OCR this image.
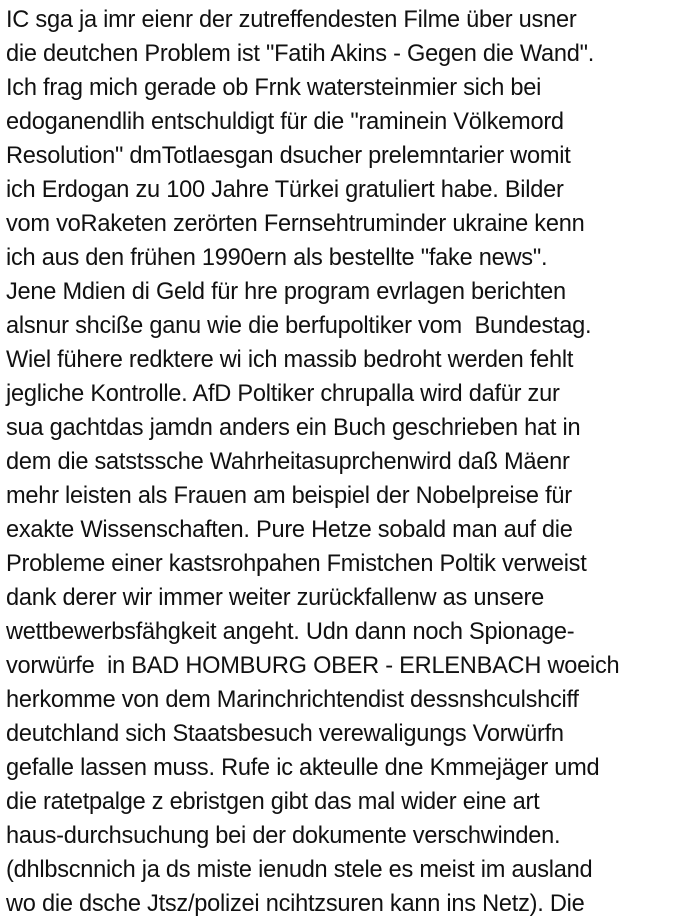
IC sga ja imr eienr der zutreffendesten Filme über usner
die deutchen Problem ist "Fatih Akins - Gegen die Wand".
Ich frag mich gerade ob Frnk watersteinmier sich bei
edoganendlih entschuldigt für die "raminein Völkemord
Resolution" dmTotlaesgan dsucher prelemntarier womit
ich Erdogan zu 100 Jahre Türkei gratuliert habe. Bilder
vom voRaketen zerörten Fernsehtruminder ukraine kenn
ich aus den frühen 1990ern als bestellte "fake news".
Jene Mdien di Geld für hre program evrlagen berichten
alsnur shciße ganu wie die berfupoltiker vom  Bundestag.
Wiel fühere redktere wi ich massib bedroht werden fehlt
jegliche Kontrolle. AfD Poltiker chrupalla wird dafür zur
sua gachtdas jamdn anders ein Buch geschrieben hat in
dem die satstssche Wahrheitasuprchenwird daß Mäenr
mehr leisten als Frauen am beispiel der Nobelpreise für
exakte Wissenschaften. Pure Hetze sobald man auf die
Probleme einer kastsrohpahen Fmistchen Poltik verweist
dank derer wir immer weiter zurückfallenw as unsere
wettbewerbsfähgkeit angeht. Udn dann noch Spionage-
vorwürfe  in BAD HOMBURG OBER - ERLENBACH woeich
herkomme von dem Marinchrichtendist dessnshculshciff
deutchland sich Staatsbesuch verewaligungs Vorwürfn
gefalle lassen muss. Rufe ic akteulle dne Kmmejäger umd
die ratetpalge z ebristgen gibt das mal wider eine art
haus-durchsuchung bei der dokumente verschwinden.
(dhlbscnnich ja ds miste ienudn stele es meist im ausland
wo die dsche Jtsz/polizei ncihtzsuren kann ins Netz). Die
